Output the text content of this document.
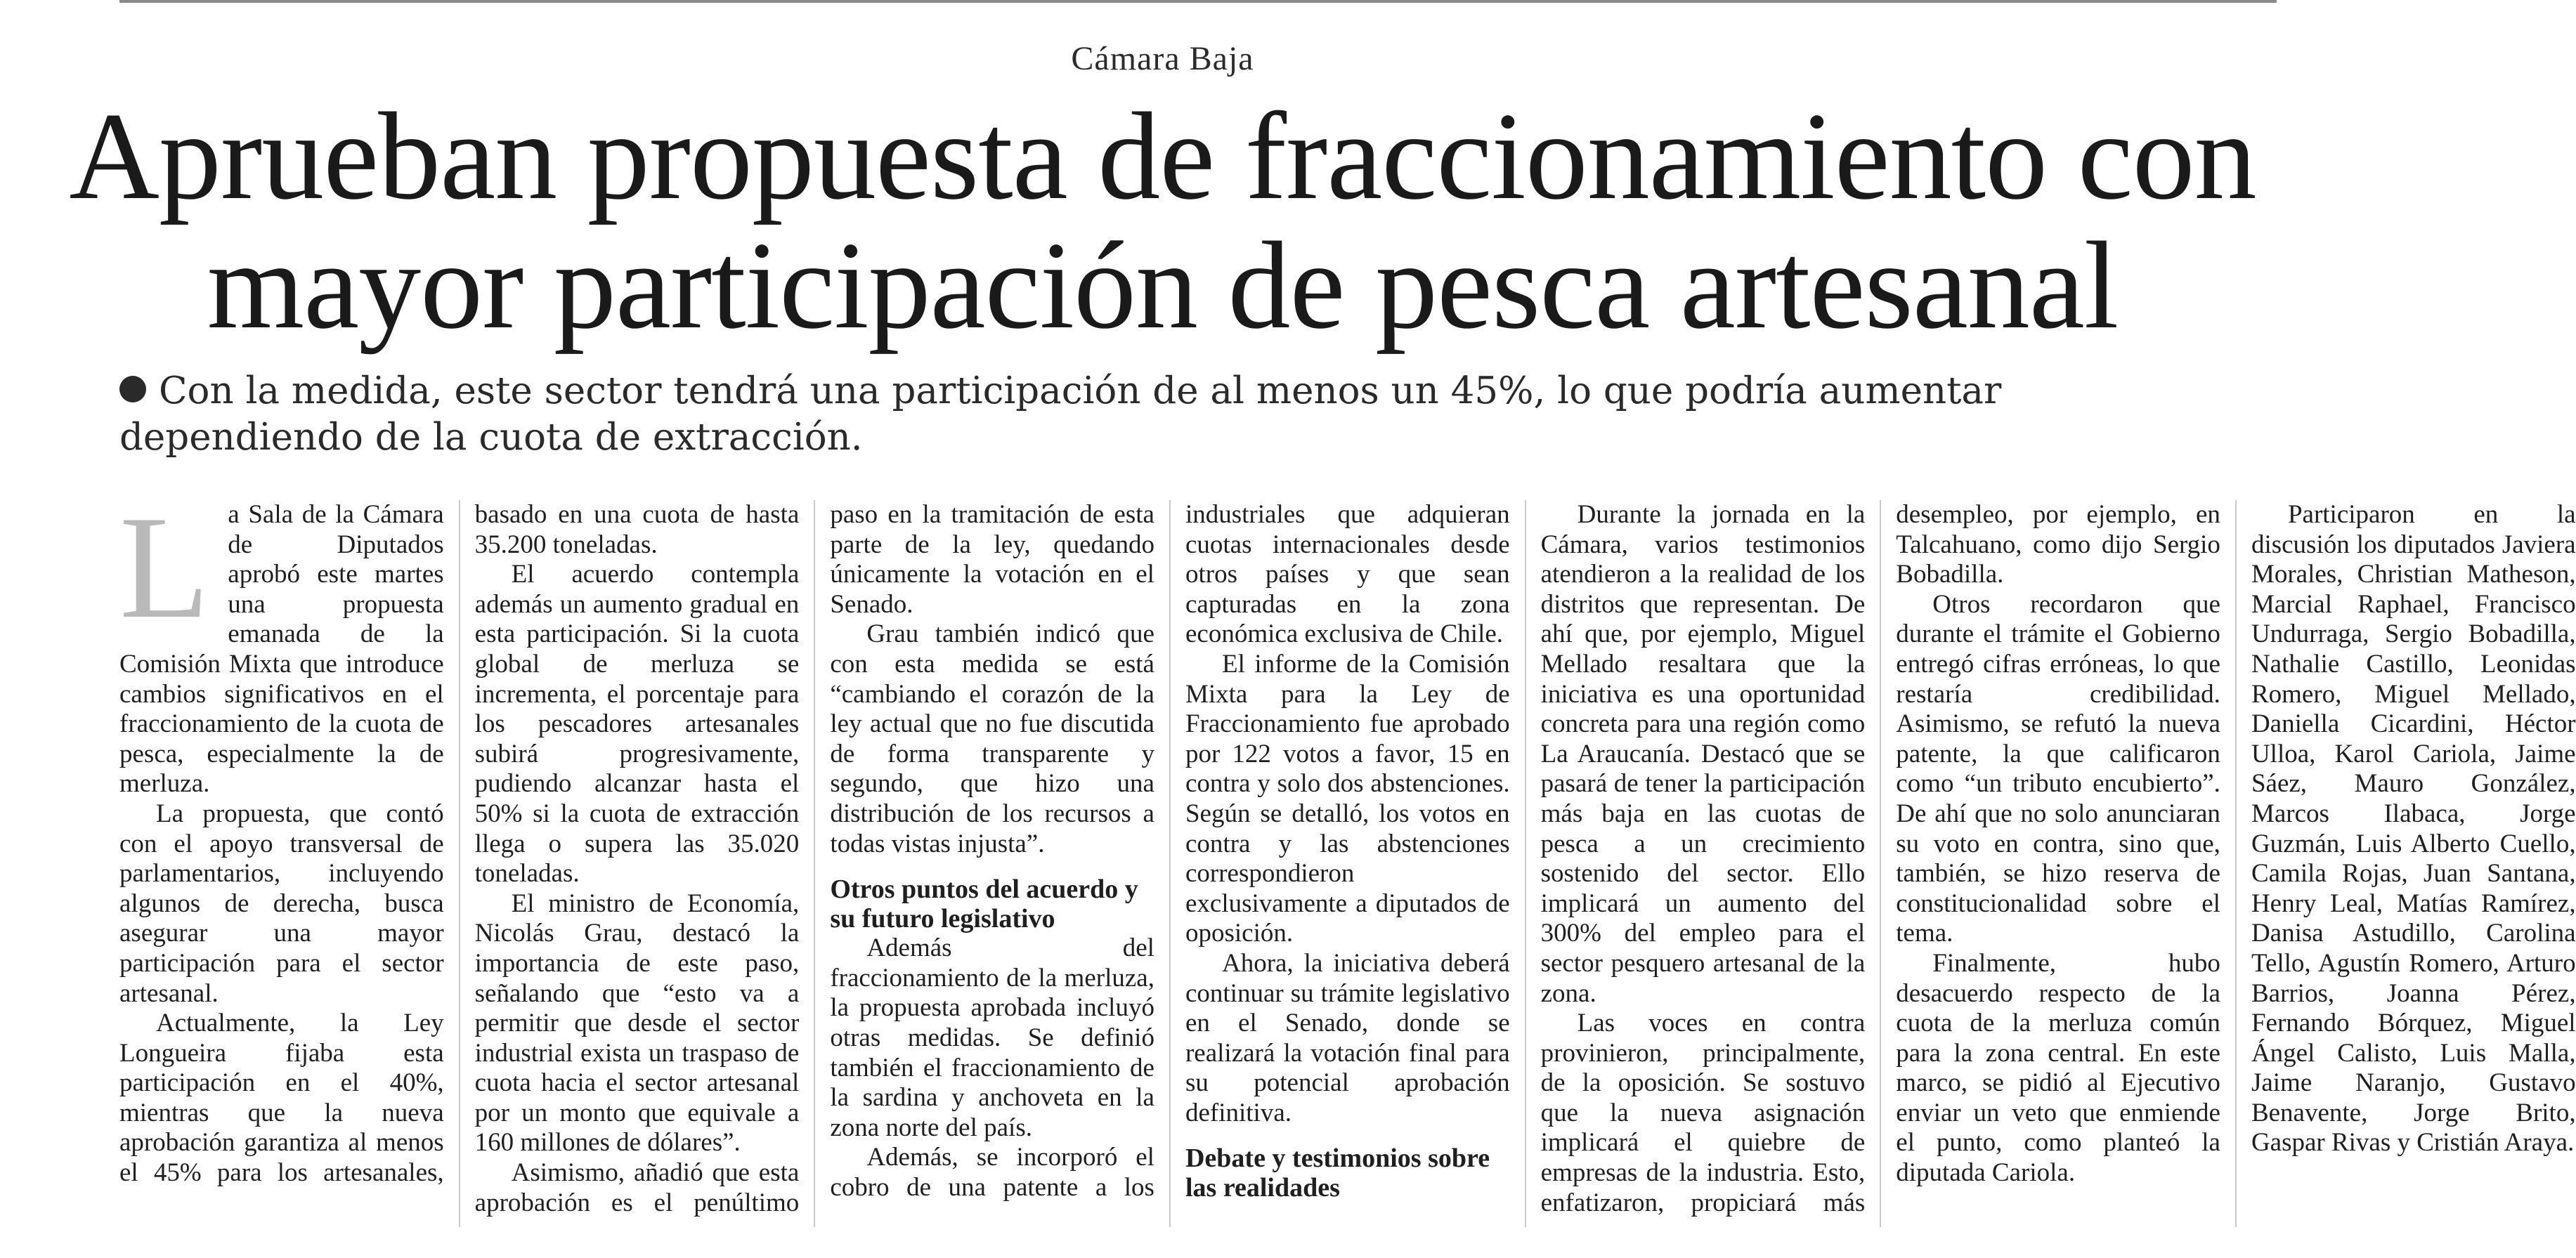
Cámara Baja
Aprueban propuesta de fraccionamiento con mayor participación de pesca artesanal
Con la medida, este sector tendrá una participación de al menos un 45%, lo que podría aumentar dependiendo de la cuota de extracción.

La Sala de la Cámara de Diputados aprobó este martes una propuesta emanada de la Comisión Mixta que introduce cambios significativos en el fraccionamiento de la cuota de pesca, especialmente la de merluza.

La propuesta, que contó con el apoyo transversal de parlamentarios, incluyendo algunos de derecha, busca asegurar una mayor participación para el sector artesanal.

Actualmente, la Ley Longueira fijaba esta participación en el 40%, mientras que la nueva aprobación garantiza al menos el 45% para los artesanales, basado en una cuota de hasta 35.200 toneladas.

El acuerdo contempla además un aumento gradual en esta participación. Si la cuota global de merluza se incrementa, el porcentaje para los pescadores artesanales subirá progresivamente, pudiendo alcanzar hasta el 50% si la cuota de extracción llega o supera las 35.020 toneladas.

El ministro de Economía, Nicolás Grau, destacó la importancia de este paso, señalando que “esto va a permitir que desde el sector industrial exista un traspaso de cuota hacia el sector artesanal por un monto que equivale a 160 millones de dólares”.

Asimismo, añadió que esta aprobación es el penúltimo paso en la tramitación de esta parte de la ley, quedando únicamente la votación en el Senado.

Grau también indicó que con esta medida se está “cambiando el corazón de la ley actual que no fue discutida de forma transparente y segundo, que hizo una distribución de los recursos a todas vistas injusta”.

Otros puntos del acuerdo y su futuro legislativo

Además del fraccionamiento de la merluza, la propuesta aprobada incluyó otras medidas. Se definió también el fraccionamiento de la sardina y anchoveta en la zona norte del país.

Además, se incorporó el cobro de una patente a los industriales que adquieran cuotas internacionales desde otros países y que sean capturadas en la zona económica exclusiva de Chile.

El informe de la Comisión Mixta para la Ley de Fraccionamiento fue aprobado por 122 votos a favor, 15 en contra y solo dos abstenciones. Según se detalló, los votos en contra y las abstenciones correspondieron exclusivamente a diputados de oposición.

Ahora, la iniciativa deberá continuar su trámite legislativo en el Senado, donde se realizará la votación final para su potencial aprobación definitiva.

Debate y testimonios sobre las realidades

Durante la jornada en la Cámara, varios testimonios atendieron a la realidad de los distritos que representan. De ahí que, por ejemplo, Miguel Mellado resaltara que la iniciativa es una oportunidad concreta para una región como La Araucanía. Destacó que se pasará de tener la participación más baja en las cuotas de pesca a un crecimiento sostenido del sector. Ello implicará un aumento del 300% del empleo para el sector pesquero artesanal de la zona.

Las voces en contra provinieron, principalmente, de la oposición. Se sostuvo que la nueva asignación implicará el quiebre de empresas de la industria. Esto, enfatizaron, propiciará más desempleo, por ejemplo, en Talcahuano, como dijo Sergio Bobadilla.

Otros recordaron que durante el trámite el Gobierno entregó cifras erróneas, lo que restaría credibilidad. Asimismo, se refutó la nueva patente, la que calificaron como “un tributo encubierto”. De ahí que no solo anunciaran su voto en contra, sino que, también, se hizo reserva de constitucionalidad sobre el tema.

Finalmente, hubo desacuerdo respecto de la cuota de la merluza común para la zona central. En este marco, se pidió al Ejecutivo enviar un veto que enmiende el punto, como planteó la diputada Cariola.

Participaron en la discusión los diputados Javiera Morales, Christian Matheson, Marcial Raphael, Francisco Undurraga, Sergio Bobadilla, Nathalie Castillo, Leonidas Romero, Miguel Mellado, Daniella Cicardini, Héctor Ulloa, Karol Cariola, Jaime Sáez, Mauro González, Marcos Ilabaca, Jorge Guzmán, Luis Alberto Cuello, Camila Rojas, Juan Santana, Henry Leal, Matías Ramírez, Danisa Astudillo, Carolina Tello, Agustín Romero, Arturo Barrios, Joanna Pérez, Fernando Bórquez, Miguel Ángel Calisto, Luis Malla, Jaime Naranjo, Gustavo Benavente, Jorge Brito, Gaspar Rivas y Cristián Araya.
